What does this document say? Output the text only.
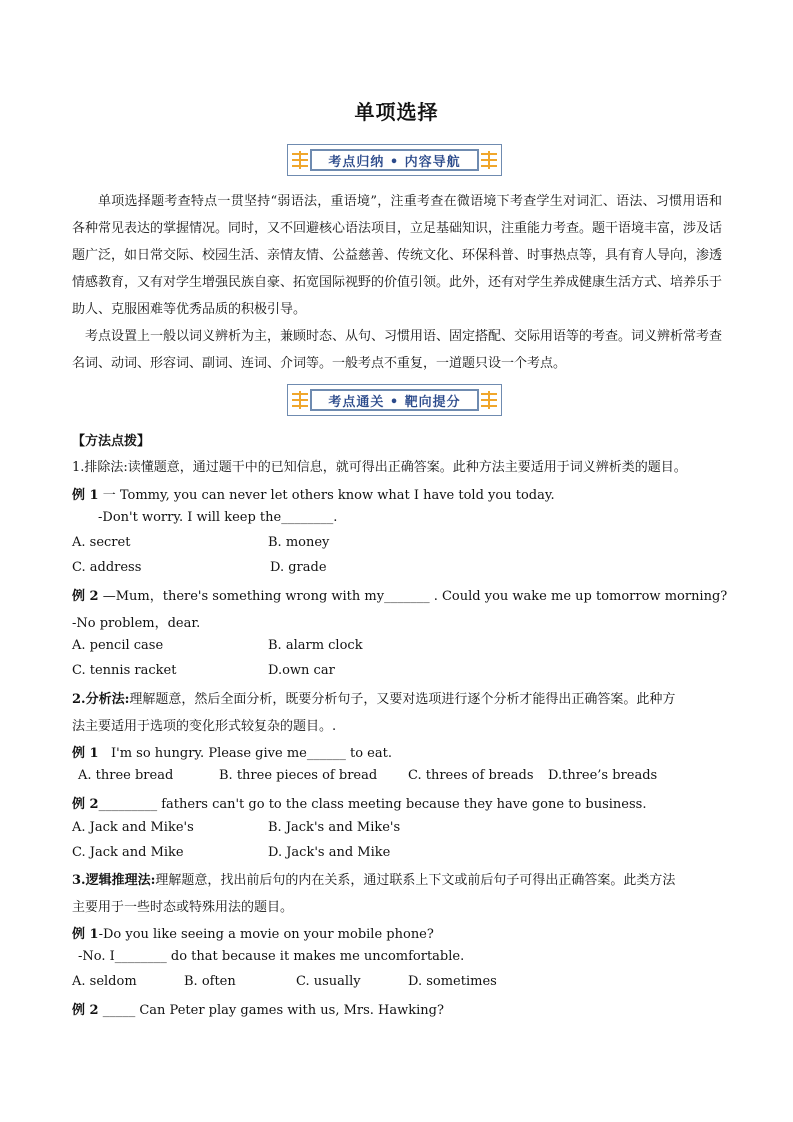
单项选择
考点归纳 • 内容导航

单项选择题考查特点一贯坚持“弱语法，重语境”，注重考查在微语境下考查学生对词汇、语法、习惯用语和各种常见表达的掌握情况。同时，又不回避核心语法项目，立足基础知识，注重能力考查。题干语境丰富，涉及话题广泛，如日常交际、校园生活、亲情友情、公益慈善、传统文化、环保科普、时事热点等，具有育人导向，渗透情感教育，又有对学生增强民族自豪、拓宽国际视野的价值引领。此外，还有对学生养成健康生活方式、培养乐于助人、克服困难等优秀品质的积极引导。

考点设置上一般以词义辨析为主，兼顾时态、从句、习惯用语、固定搭配、交际用语等的考查。词义辨析常考查名词、动词、形容词、副词、连词、介词等。一般考点不重复，一道题只设一个考点。

考点通关 • 靶向提分
【方法点拨】
1.排除法:读懂题意，通过题干中的已知信息，就可得出正确答案。此种方法主要适用于词义辨析类的题目。
例 1 一 Tommy, you can never let others know what I have told you today.
-Don't worry. I will keep the________.
A. secret	B. money
C. address	D. grade
例 2 —Mum，there's something wrong with my_______ . Could you wake me up tomorrow morning?
-No problem，dear.
A. pencil case	B. alarm clock
C. tennis racket	D.own car
2.分析法:理解题意，然后全面分析，既要分析句子，又要对选项进行逐个分析才能得出正确答案。此种方
法主要适用于选项的变化形式较复杂的题目。.
例 1 I'm so hungry. Please give me______ to eat.
A. three bread	B. three pieces of bread C. threes of breads D.three’s breads
例 2_________ fathers can't go to the class meeting because they have gone to business.
A. Jack and Mike's	B. Jack's and Mike's
C. Jack and Mike	D. Jack's and Mike
3.逻辑推理法:理解题意，找出前后句的内在关系，通过联系上下文或前后句子可得出正确答案。此类方法
主要用于一些时态或特殊用法的题目。
例 1-Do you like seeing a movie on your mobile phone?
-No. I________ do that because it makes me uncomfortable.
A. seldom	B. often	C. usually	D. sometimes
例 2 _____ Can Peter play games with us, Mrs. Hawking?
